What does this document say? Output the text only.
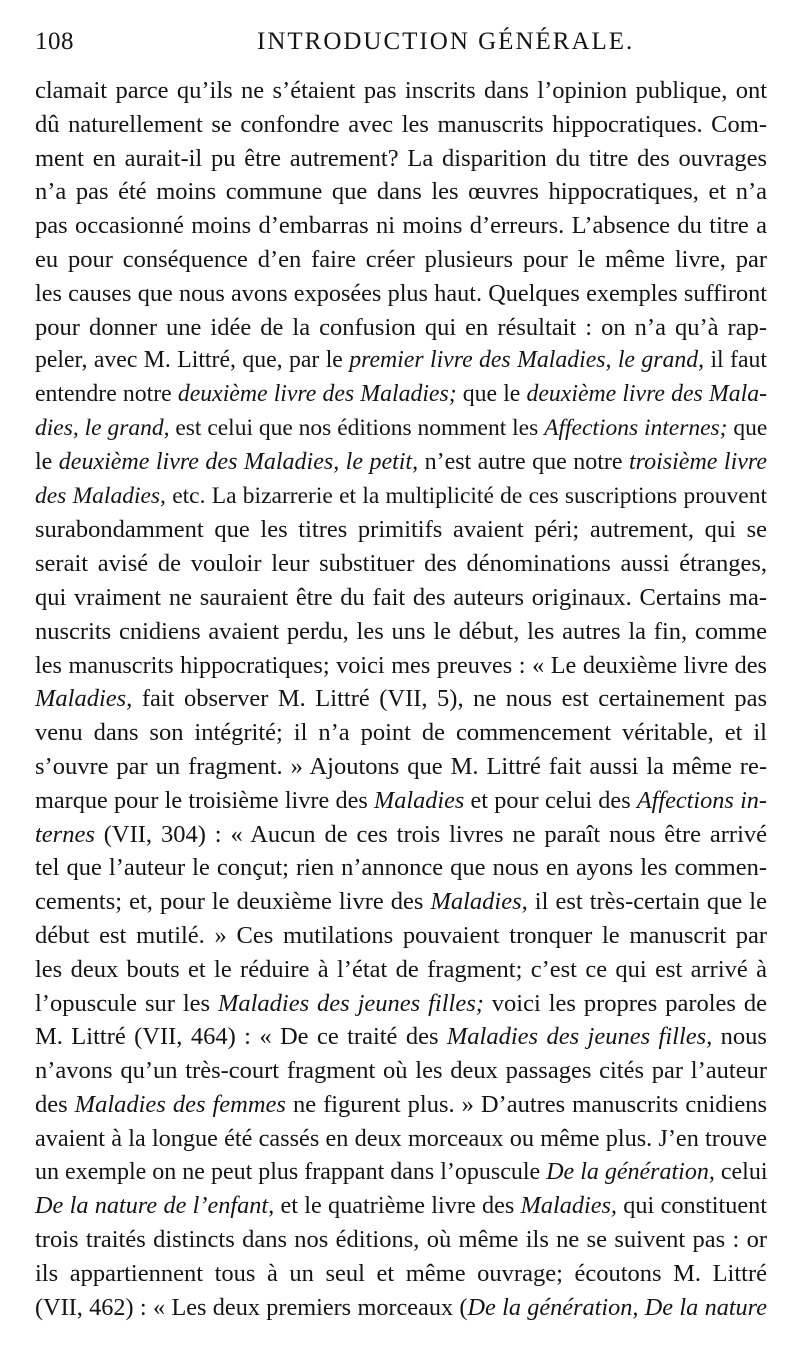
108	INTRODUCTION GÉNÉRALE.
clamait parce qu’ils ne s’étaient pas inscrits dans l’opinion publique, ont
dû naturellement se confondre avec les manuscrits hippocratiques. Com-
ment en aurait-il pu être autrement? La disparition du titre des ouvrages
n’a pas été moins commune que dans les œuvres hippocratiques, et n’a
pas occasionné moins d’embarras ni moins d’erreurs. L’absence du titre a
eu pour conséquence d’en faire créer plusieurs pour le même livre, par
les causes que nous avons exposées plus haut. Quelques exemples suffiront
pour donner une idée de la confusion qui en résultait : on n’a qu’à rap-
peler, avec M. Littré, que, par le premier livre des Maladies, le grand, il faut
entendre notre deuxième livre des Maladies; que le deuxième livre des Mala-
dies, le grand, est celui que nos éditions nomment les Affections internes; que
le deuxième livre des Maladies, le petit, n’est autre que notre troisième livre
des Maladies, etc. La bizarrerie et la multiplicité de ces suscriptions prouvent
surabondamment que les titres primitifs avaient péri; autrement, qui se
serait avisé de vouloir leur substituer des dénominations aussi étranges,
qui vraiment ne sauraient être du fait des auteurs originaux. Certains ma-
nuscrits cnidiens avaient perdu, les uns le début, les autres la fin, comme
les manuscrits hippocratiques; voici mes preuves : « Le deuxième livre des
Maladies, fait observer M. Littré (VII, 5), ne nous est certainement pas
venu dans son intégrité; il n’a point de commencement véritable, et il
s’ouvre par un fragment. » Ajoutons que M. Littré fait aussi la même re-
marque pour le troisième livre des Maladies et pour celui des Affections in-
ternes (VII, 304) : « Aucun de ces trois livres ne paraît nous être arrivé
tel que l’auteur le conçut; rien n’annonce que nous en ayons les commen-
cements; et, pour le deuxième livre des Maladies, il est très-certain que le
début est mutilé. » Ces mutilations pouvaient tronquer le manuscrit par
les deux bouts et le réduire à l’état de fragment; c’est ce qui est arrivé à
l’opuscule sur les Maladies des jeunes filles; voici les propres paroles de
M. Littré (VII, 464) : « De ce traité des Maladies des jeunes filles, nous
n’avons qu’un très-court fragment où les deux passages cités par l’auteur
des Maladies des femmes ne figurent plus. » D’autres manuscrits cnidiens
avaient à la longue été cassés en deux morceaux ou même plus. J’en trouve
un exemple on ne peut plus frappant dans l’opuscule De la génération, celui
De la nature de l’enfant, et le quatrième livre des Maladies, qui constituent
trois traités distincts dans nos éditions, où même ils ne se suivent pas : or
ils appartiennent tous à un seul et même ouvrage; écoutons M. Littré
(VII, 462) : « Les deux premiers morceaux (De la génération, De la nature
